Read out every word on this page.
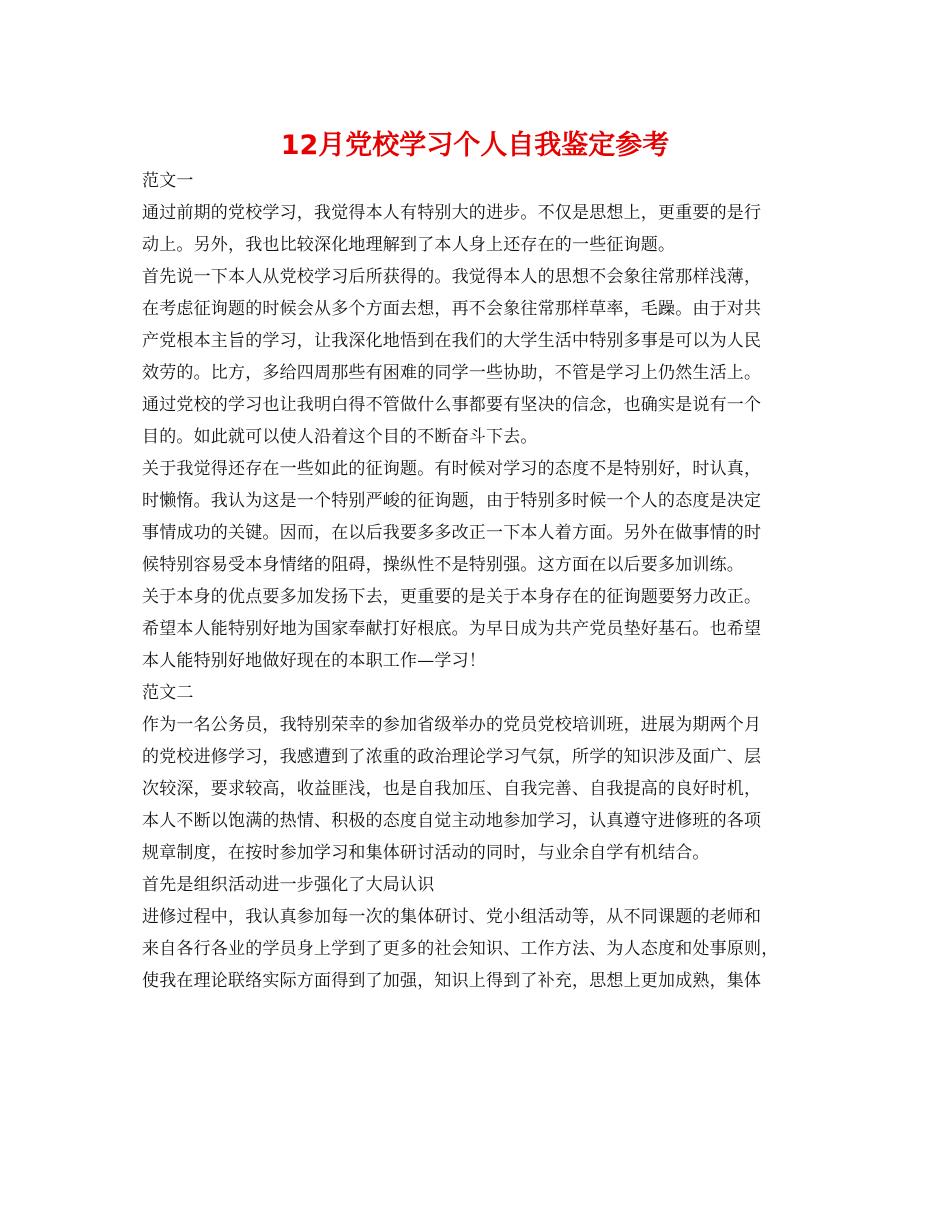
12月党校学习个人自我鉴定参考
范文一
通过前期的党校学习，我觉得本人有特别大的进步。不仅是思想上，更重要的是行
动上。另外，我也比较深化地理解到了本人身上还存在的一些征询题。
首先说一下本人从党校学习后所获得的。我觉得本人的思想不会象往常那样浅薄，
在考虑征询题的时候会从多个方面去想，再不会象往常那样草率，毛躁。由于对共
产党根本主旨的学习，让我深化地悟到在我们的大学生活中特别多事是可以为人民
效劳的。比方，多给四周那些有困难的同学一些协助，不管是学习上仍然生活上。
通过党校的学习也让我明白得不管做什么事都要有坚决的信念，也确实是说有一个
目的。如此就可以使人沿着这个目的不断奋斗下去。
关于我觉得还存在一些如此的征询题。有时候对学习的态度不是特别好，时认真，
时懒惰。我认为这是一个特别严峻的征询题，由于特别多时候一个人的态度是决定
事情成功的关键。因而，在以后我要多多改正一下本人着方面。另外在做事情的时
候特别容易受本身情绪的阻碍，操纵性不是特别强。这方面在以后要多加训练。
关于本身的优点要多加发扬下去，更重要的是关于本身存在的征询题要努力改正。
希望本人能特别好地为国家奉献打好根底。为早日成为共产党员垫好基石。也希望
本人能特别好地做好现在的本职工作—学习！
范文二
作为一名公务员，我特别荣幸的参加省级举办的党员党校培训班，进展为期两个月
的党校进修学习，我感遭到了浓重的政治理论学习气氛，所学的知识涉及面广、层
次较深，要求较高，收益匪浅，也是自我加压、自我完善、自我提高的良好时机，
本人不断以饱满的热情、积极的态度自觉主动地参加学习，认真遵守进修班的各项
规章制度，在按时参加学习和集体研讨活动的同时，与业余自学有机结合。
首先是组织活动进一步强化了大局认识
进修过程中，我认真参加每一次的集体研讨、党小组活动等，从不同课题的老师和
来自各行各业的学员身上学到了更多的社会知识、工作方法、为人态度和处事原则，
使我在理论联络实际方面得到了加强，知识上得到了补充，思想上更加成熟，集体
